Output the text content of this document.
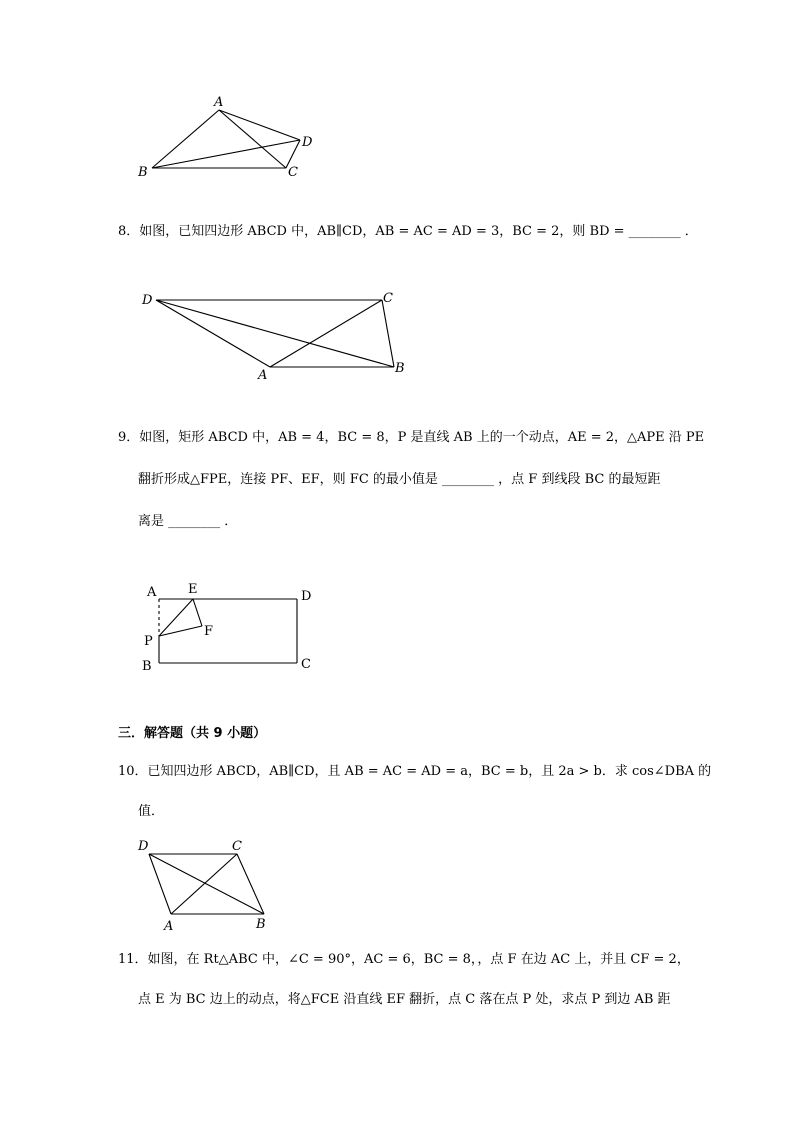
A
B	C
D
8．如图，已知四边形 ABCD 中，AB∥CD，AB = AC = AD = 3，BC = 2，则 BD = ________ ．
D	C
A	B
9．如图，矩形 ABCD 中，AB = 4，BC = 8，P 是直线 AB 上的一个动点，AE = 2，△APE 沿 PE
翻折形成△FPE，连接 PF、EF，则 FC 的最小值是 ________ ，点 F 到线段 BC 的最短距
离是 ________ ．
A E	D
P
F
B	C
三．解答题（共 9 小题）
10．已知四边形 ABCD，AB∥CD，且 AB = AC = AD = a，BC = b，且 2a > b．求 cos∠DBA 的
值．
D	C
A	B
11．如图，在 Rt△ABC 中，∠C = 90°，AC = 6，BC = 8，，点 F 在边 AC 上，并且 CF = 2，
点 E 为 BC 边上的动点，将△FCE 沿直线 EF 翻折，点 C 落在点 P 处，求点 P 到边 AB 距
